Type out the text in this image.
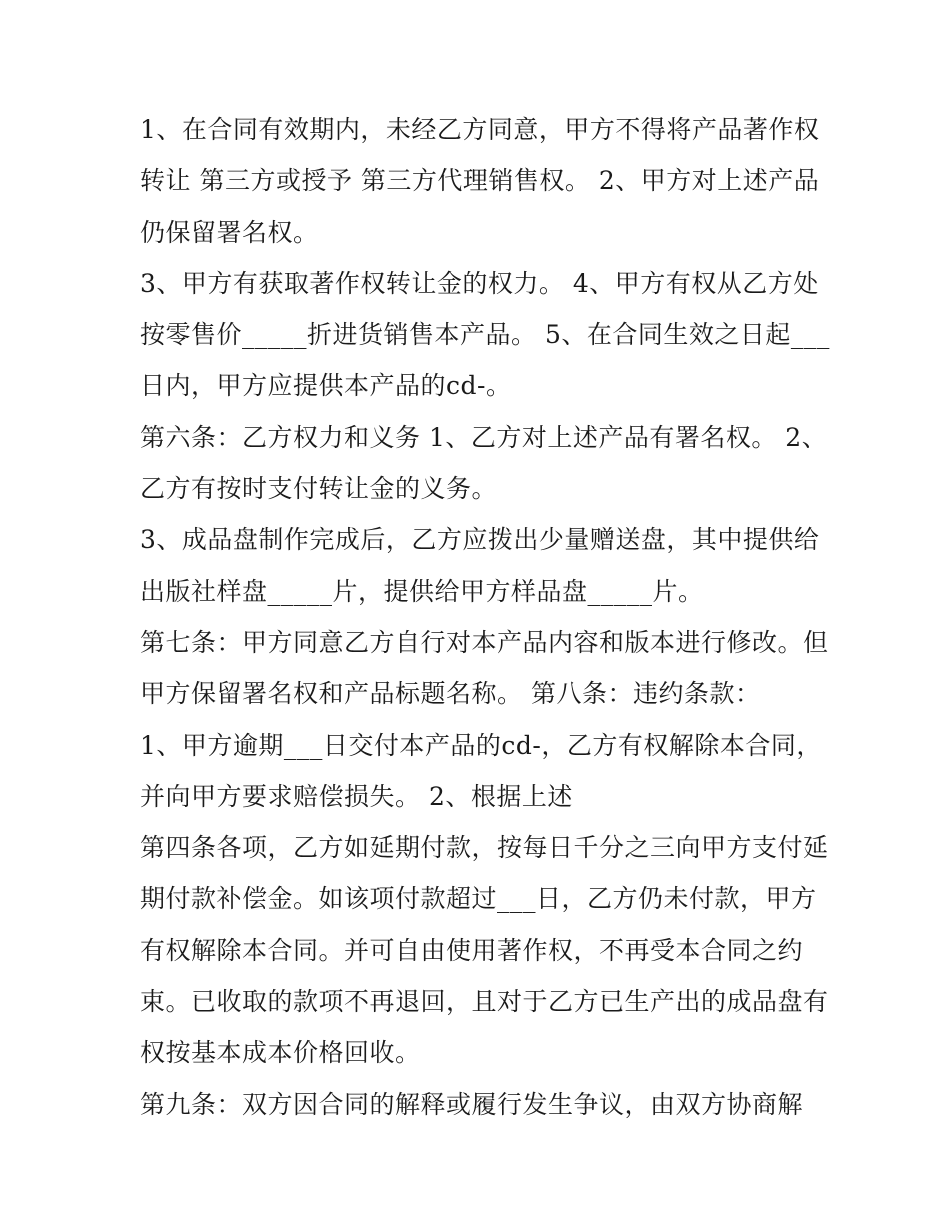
1、在合同有效期内，未经乙方同意，甲方不得将产品著作权
转让 第三方或授予 第三方代理销售权。 2、甲方对上述产品
仍保留署名权。
3、甲方有获取著作权转让金的权力。 4、甲方有权从乙方处
按零售价_____折进货销售本产品。 5、在合同生效之日起___
日内，甲方应提供本产品的cd-。
第六条：乙方权力和义务 1、乙方对上述产品有署名权。 2、
乙方有按时支付转让金的义务。
3、成品盘制作完成后，乙方应拨出少量赠送盘，其中提供给
出版社样盘_____片，提供给甲方样品盘_____片。
第七条：甲方同意乙方自行对本产品内容和版本进行修改。但
甲方保留署名权和产品标题名称。 第八条：违约条款：
1、甲方逾期___日交付本产品的cd-，乙方有权解除本合同，
并向甲方要求赔偿损失。 2、根据上述
第四条各项，乙方如延期付款，按每日千分之三向甲方支付延
期付款补偿金。如该项付款超过___日，乙方仍未付款，甲方
有权解除本合同。并可自由使用著作权，不再受本合同之约
束。已收取的款项不再退回，且对于乙方已生产出的成品盘有
权按基本成本价格回收。
第九条：双方因合同的解释或履行发生争议，由双方协商解
